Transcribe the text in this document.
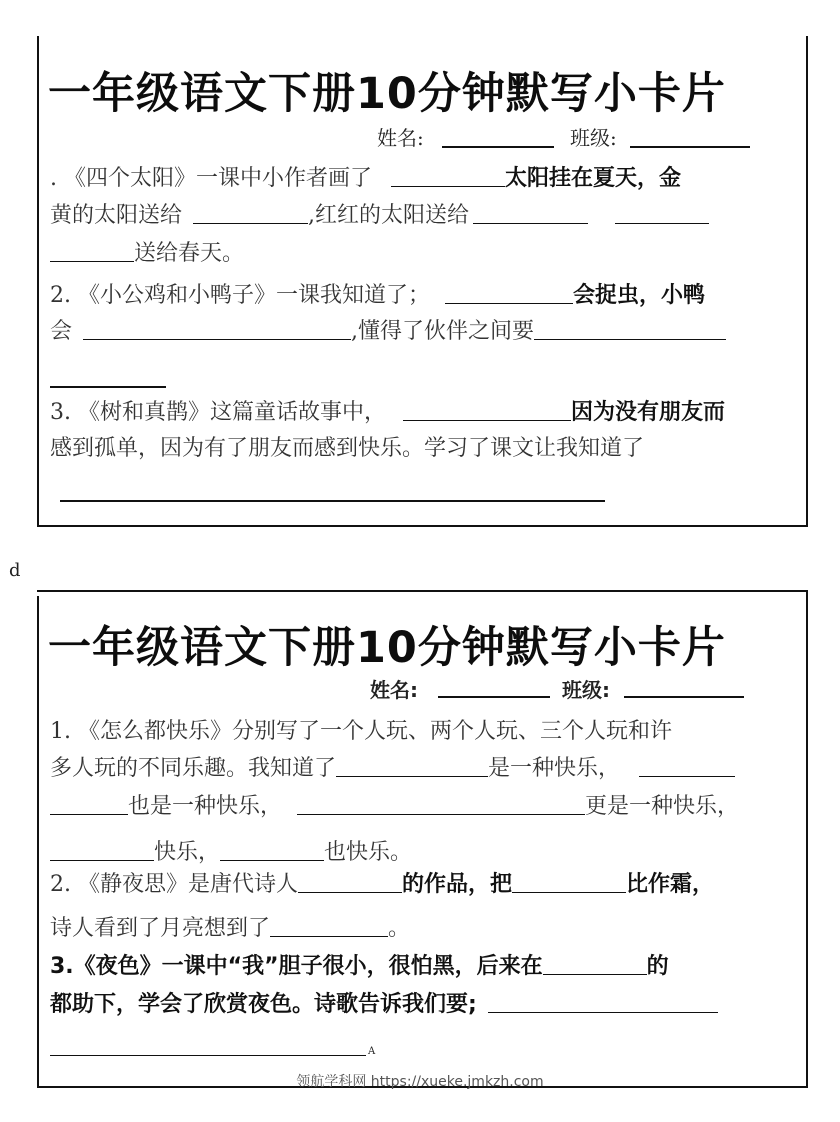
一年级语文下册10分钟默写小卡片
姓名:	班级:
. 《四个太阳》一课中小作者画了	太阳挂在夏天，金
黄的太阳送给	,红红的太阳送给
送给春天。
2. 《小公鸡和小鸭子》一课我知道了；	会捉虫，小鸭
会	,懂得了伙伴之间要
3. 《树和真鹊》这篇童话故事中，	因为没有朋友而
感到孤单，因为有了朋友而感到快乐。学习了课文让我知道了
d
一年级语文下册10分钟默写小卡片
姓名:	班级:
1. 《怎么都快乐》分别写了一个人玩、两个人玩、三个人玩和许
多人玩的不同乐趣。我知道了	是一种快乐，
也是一种快乐，	更是一种快乐，
快乐，	也快乐。
2. 《静夜思》是唐代诗人	的作品，把	比作霜，
诗人看到了月亮想到了	。
3.《夜色》一课中“我”胆子很小，很怕黑，后来在	的
都助下，学会了欣赏夜色。诗歌告诉我们要;
A
领航学科网 https://xueke.jmkzh.com
